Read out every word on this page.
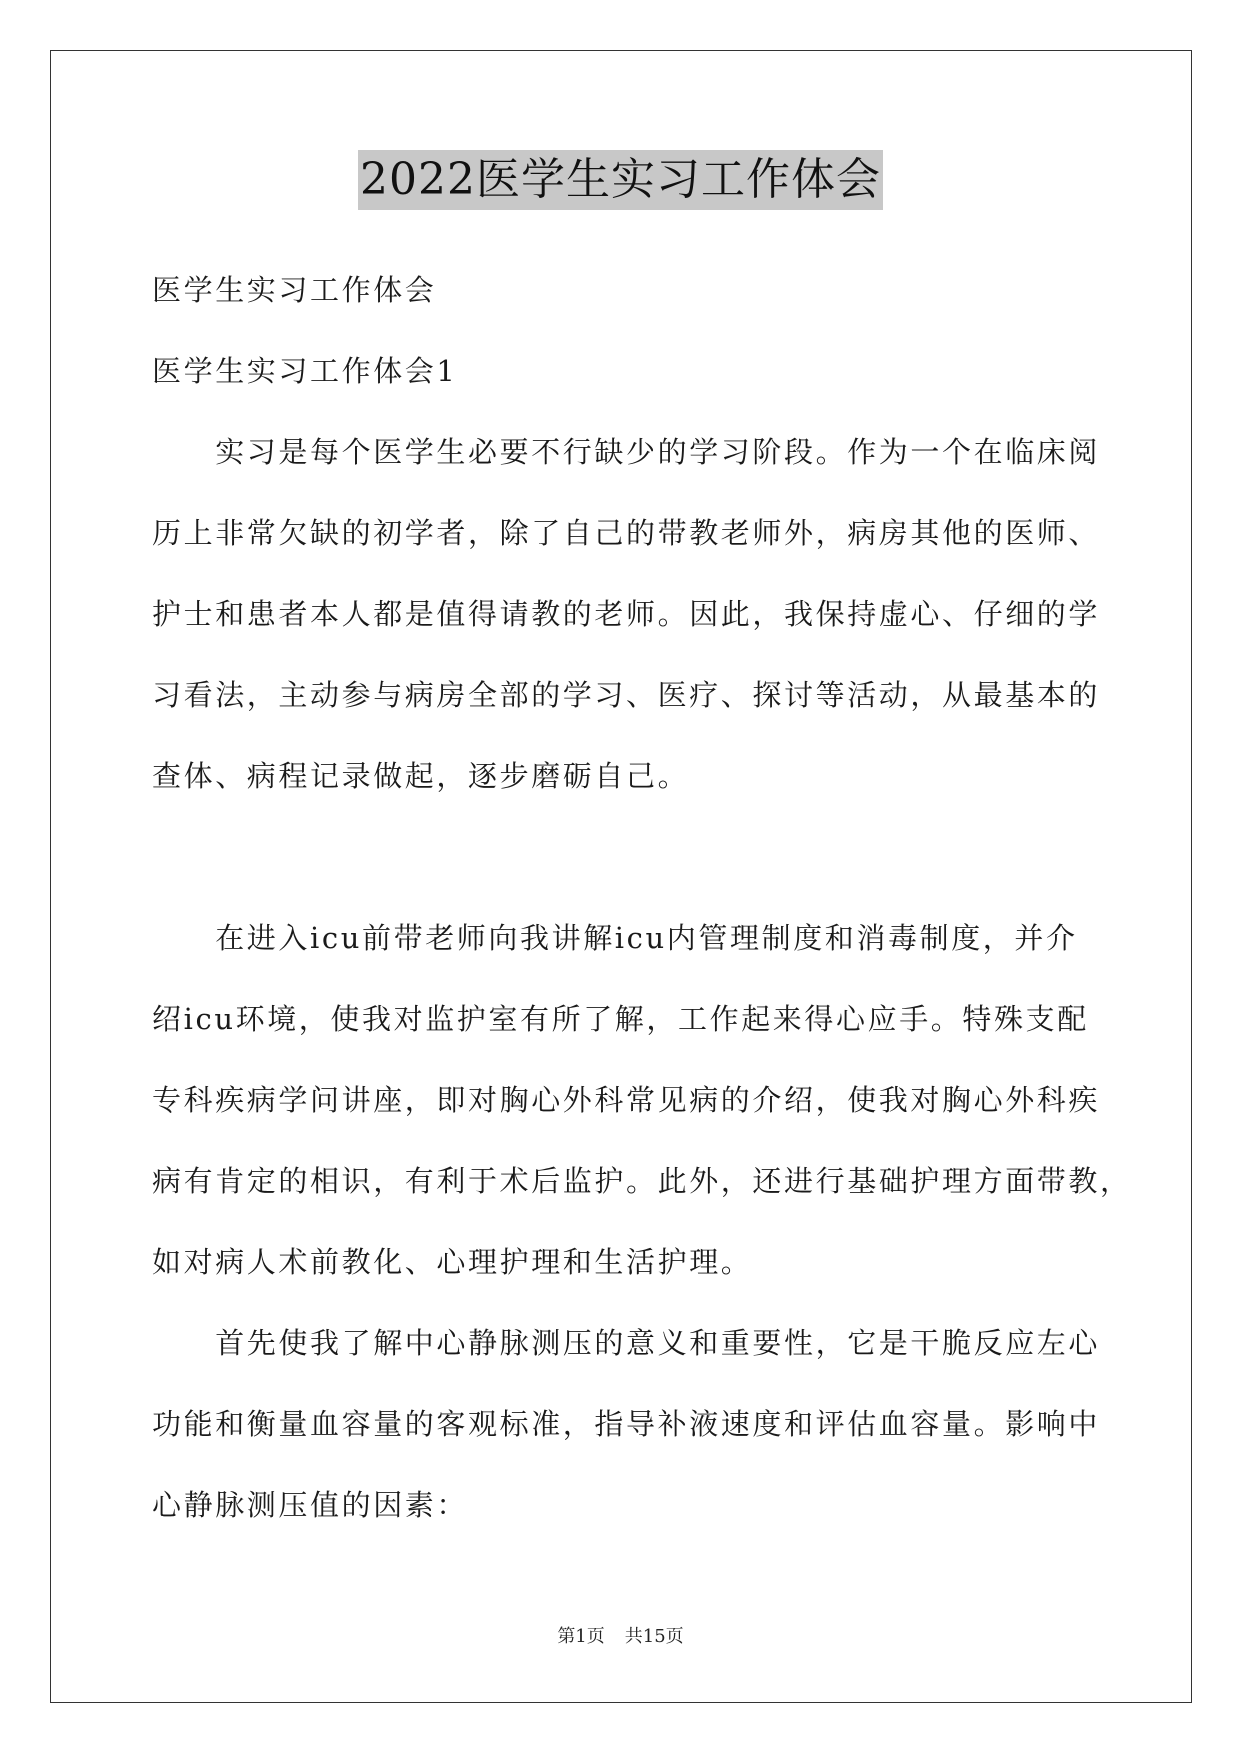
2022医学生实习工作体会
医学生实习工作体会
医学生实习工作体会1
　　实习是每个医学生必要不行缺少的学习阶段。作为一个在临床阅
历上非常欠缺的初学者，除了自己的带教老师外，病房其他的医师、
护士和患者本人都是值得请教的老师。因此，我保持虚心、仔细的学
习看法，主动参与病房全部的学习、医疗、探讨等活动，从最基本的
查体、病程记录做起，逐步磨砺自己。
　　在进入icu前带老师向我讲解icu内管理制度和消毒制度，并介
绍icu环境，使我对监护室有所了解，工作起来得心应手。特殊支配
专科疾病学问讲座，即对胸心外科常见病的介绍，使我对胸心外科疾
病有肯定的相识，有利于术后监护。此外，还进行基础护理方面带教，
如对病人术前教化、心理护理和生活护理。
　　首先使我了解中心静脉测压的意义和重要性，它是干脆反应左心
功能和衡量血容量的客观标准，指导补液速度和评估血容量。影响中
心静脉测压值的因素：
第1页 共15页
